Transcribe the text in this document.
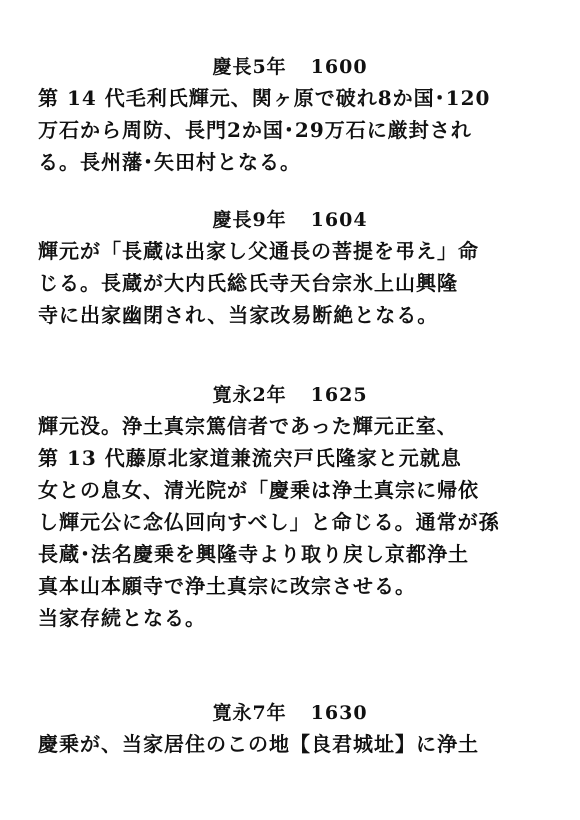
慶長5年 1600
第 14 代毛利氏輝元、関ヶ原で破れ8か国･120
万石から周防、長門2か国･29万石に厳封され
る。長州藩･矢田村となる。
慶長9年 1604
輝元が「長蔵は出家し父通長の菩提を弔え」命
じる。長蔵が大内氏総氏寺天台宗氷上山興隆
寺に出家幽閉され、当家改易断絶となる。
寛永2年 1625
輝元没。浄土真宗篤信者であった輝元正室、
第 13 代藤原北家道兼流宍戸氏隆家と元就息
女との息女、清光院が「慶乗は浄土真宗に帰依
し輝元公に念仏回向すべし」と命じる。通常が孫
長蔵･法名慶乗を興隆寺より取り戻し京都浄土
真本山本願寺で浄土真宗に改宗させる。
当家存続となる。
寛永7年 1630
慶乗が、当家居住のこの地【良君城址】に浄土
